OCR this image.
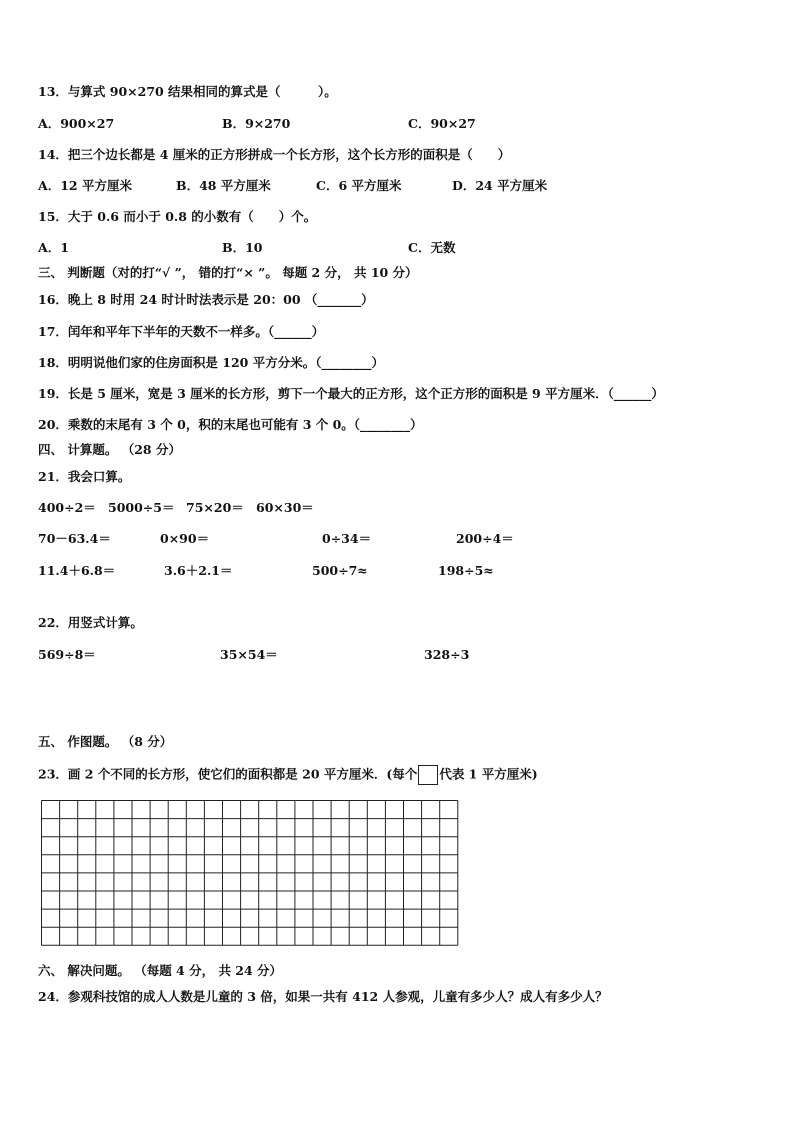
13．与算式 90×270 结果相同的算式是（　　　）。
A．900×27	B．9×270	C．90×27
14．把三个边长都是 4 厘米的正方形拼成一个长方形，这个长方形的面积是（　　）
A．12 平方厘米	B．48 平方厘米	C．6 平方厘米	D．24 平方厘米
15．大于 0.6 而小于 0.8 的小数有（　　）个。
A．1	B．10	C．无数
三、 判断题（对的打“√ ”， 错的打“× ”。 每题 2 分， 共 10 分）
16．晚上 8 时用 24 时计时法表示是 20：00 （_______）
17．闰年和平年下半年的天数不一样多。（______）
18．明明说他们家的住房面积是 120 平方分米。（________）
19．长是 5 厘米，宽是 3 厘米的长方形，剪下一个最大的正方形，这个正方形的面积是 9 平方厘米．（______）
20．乘数的末尾有 3 个 0，积的末尾也可能有 3 个 0。（________）
四、 计算题。 （28 分）
21．我会口算。
400÷2＝ 5000÷5＝ 75×20＝ 60×30＝
70－63.4＝	0×90＝	0÷34＝	200÷4＝
11.4＋6.8＝	3.6＋2.1＝	500÷7≈	198÷5≈
22．用竖式计算。
569÷8＝	35×54＝	328÷3
五、 作图题。 （8 分）
23．画 2 个不同的长方形，使它们的面积都是 20 平方厘米．(每个 代表 1 平方厘米)
六、 解决问题。 （每题 4 分， 共 24 分）
24．参观科技馆的成人人数是儿童的 3 倍，如果一共有 412 人参观，儿童有多少人？成人有多少人？
